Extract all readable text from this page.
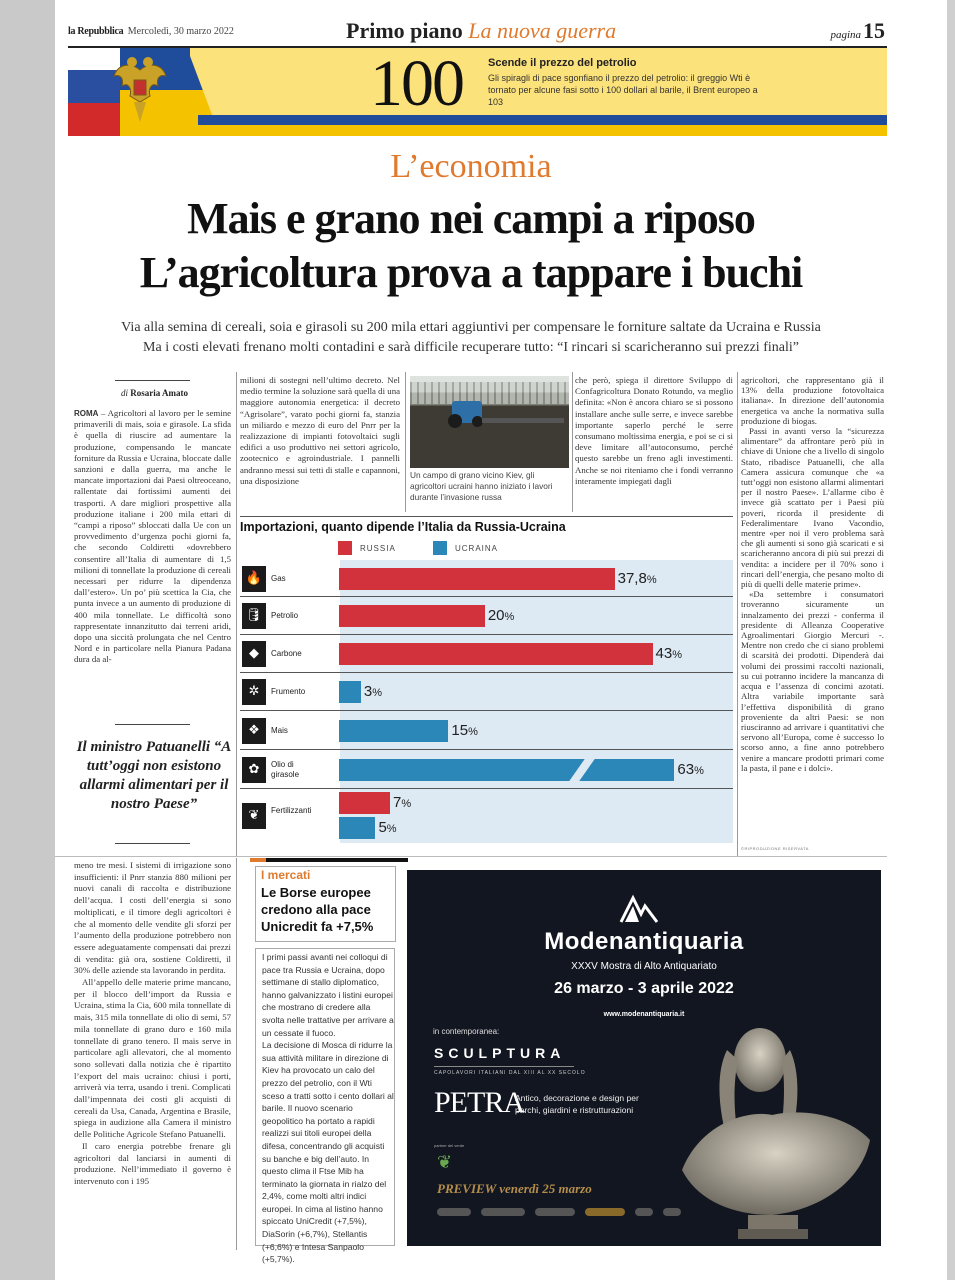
la Repubblica Mercoledì, 30 marzo 2022	Primo piano La nuova guerra	pagina15
100 Scende il prezzo del petrolio
Gli spiragli di pace sgonfiano il prezzo del petrolio: il greggio Wti è tornato per alcune fasi sotto i 100 dollari al barile, il Brent europeo a 103
L’economia
Mais e grano nei campi a riposo
L’agricoltura prova a tappare i buchi
Via alla semina di cereali, soia e girasoli su 200 mila ettari aggiuntivi per compensare le forniture saltate da Ucraina e Russia
Ma i costi elevati frenano molti contadini e sarà difficile recuperare tutto: “I rincari si scaricheranno sui prezzi finali”
di Rosaria Amato

ROMA – Agricoltori al lavoro per le semine primaverili di mais, soia e girasole. La sfida è quella di riuscire ad aumentare la produzione, compensando le mancate forniture da Russia e Ucraina, bloccate dalle sanzioni e dalla guerra, ma anche le mancate importazioni dai Paesi oltreoceano, rallentate dai fortissimi aumenti dei trasporti. A dare migliori prospettive alla produzione italiane i 200 mila ettari di “campi a riposo” sbloccati dalla Ue con un provvedimento d’urgenza pochi giorni fa, che secondo Coldiretti «dovrebbero consentire all’Italia di aumentare di 1,5 milioni di tonnellate la produzione di cereali necessari per ridurre la dipendenza dall’estero». Un po’ più scettica la Cia, che punta invece a un aumento di produzione di 400 mila tonnellate. Le difficoltà sono rappresentate innanzitutto dai terreni aridi, dopo una siccità prolungata che nel Centro Nord e in particolare nella Pianura Padana dura da al-

Il ministro Patuanelli “A tutt’oggi non esistono allarmi alimentari per il nostro Paese”

milioni di sostegni nell’ultimo decreto. Nel medio termine la soluzione sarà quella di una maggiore autonomia energetica: il decreto “Agrisolare”, varato pochi giorni fa, stanzia un miliardo e mezzo di euro del Pnrr per la realizzazione di impianti fotovoltaici sugli edifici a uso produttivo nei settori agricolo, zootecnico e agroindustriale. I pannelli andranno messi sui tetti di stalle e capannoni, una disposizione

Un campo di grano vicino Kiev, gli agricoltori ucraini hanno iniziato i lavori durante l’invasione russa

che però, spiega il direttore Sviluppo di Confagricoltura Donato Rotundo, va meglio definita: «Non è ancora chiaro se si possono installare anche sulle serre, e invece sarebbe importante saperlo perché le serre consumano moltissima energia, e poi se ci si deve limitare all’autoconsumo, perché questo sarebbe un freno agli investimenti. Anche se noi riteniamo che i fondi verranno interamente impiegati dagli

agricoltori, che rappresentano già il 13% della produzione fotovoltaica italiana». In direzione dell’autonomia energetica va anche la normativa sulla produzione di biogas.

Passi in avanti verso la “sicurezza alimentare” da affrontare però più in chiave di Unione che a livello di singolo Stato, ribadisce Patuanelli, che alla Camera assicura comunque che «a tutt’oggi non esistono allarmi alimentari per il nostro Paese». L’allarme cibo è invece già scattato per i Paesi più poveri, ricorda il presidente di Federalimentare Ivano Vacondio, mentre «per noi il vero problema sarà che gli aumenti si sono già scaricati e si scaricheranno ancora di più sui prezzi di vendita: a incidere per il 70% sono i rincari dell’energia, che pesano molto di più di quelli delle materie prime».

«Da settembre i consumatori troveranno sicuramente un innalzamento dei prezzi - conferma il presidente di Alleanza Cooperative Agroalimentari Giorgio Mercuri -. Mentre non credo che ci siano problemi di scarsità dei prodotti. Dipenderà dai volumi dei prossimi raccolti nazionali, su cui potranno incidere la mancanza di acqua e l’assenza di concimi azotati. Altra variabile importante sarà l’effettiva disponibilità di grano proveniente da altri Paesi: se non riusciranno ad arrivare i quantitativi che servono all’Europa, come è successo lo scorso anno, a fine anno potrebbero venire a mancare prodotti primari come la pasta, il pane e i dolci».

©RIPRODUZIONE RISERVATA
Importazioni, quanto dipende l’Italia da Russia-Ucraina
RUSSIA	UCRAINA
🔥	Gas	37,8%
🛢	Petrolio	20%
◆	Carbone	43%
✲	Frumento	3%
❖	Mais	15%
✿	Olio di girasole	63%
❦	Fertilizzanti	7%
5%
I mercati
Le Borse europee credono alla pace Unicredit fa +7,5%

I primi passi avanti nei colloqui di pace tra Russia e Ucraina, dopo settimane di stallo diplomatico, hanno galvanizzato i listini europei che mostrano di credere alla svolta nelle trattative per arrivare a un cessate il fuoco.

La decisione di Mosca di ridurre la sua attività militare in direzione di Kiev ha provocato un calo del prezzo del petrolio, con il Wti sceso a tratti sotto i cento dollari al barile. Il nuovo scenario geopolitico ha portato a rapidi realizzi sui titoli europei della difesa, concentrando gli acquisti su banche e big dell’auto. In questo clima il Ftse Mib ha terminato la giornata in rialzo del 2,4%, come molti altri indici europei. In cima al listino hanno spiccato UniCredit (+7,5%), DiaSorin (+6,7%), Stellantis (+6,6%) e Intesa Sanpaolo (+5,7%).

meno tre mesi. I sistemi di irrigazione sono insufficienti: il Pnrr stanzia 880 milioni per nuovi canali di raccolta e distribuzione dell’acqua. I costi dell’energia si sono moltiplicati, e il timore degli agricoltori è che al momento delle vendite gli sforzi per l’aumento della produzione potrebbero non essere adeguatamente compensati dai prezzi di vendita: già ora, sostiene Coldiretti, il 30% delle aziende sta lavorando in perdita.

All’appello delle materie prime mancano, per il blocco dell’import da Russia e Ucraina, stima la Cia, 600 mila tonnellate di mais, 315 mila tonnellate di olio di semi, 57 mila tonnellate di grano duro e 160 mila tonnellate di grano tenero. Il mais serve in particolare agli allevatori, che al momento sono sollevati dalla notizia che è ripartito l’export del mais ucraino: chiusi i porti, arriverà via terra, usando i treni. Complicati dall’impennata dei costi gli acquisti di cereali da Usa, Canada, Argentina e Brasile, spiega in audizione alla Camera il ministro delle Politiche Agricole Stefano Patuanelli.

Il caro energia potrebbe frenare gli agricoltori dal lanciarsi in aumenti di produzione. Nell’immediato il governo è intervenuto con i 195

Modenantiquaria
XXXV Mostra di Alto Antiquariato
26 marzo - 3 aprile 2022
www.modenantiquaria.it
in contemporanea:
SCULPTURA
CAPOLAVORI ITALIANI DAL XIII AL XX SECOLO
PETRA
Antico, decorazione e design per parchi, giardini e ristrutturazioni
partner del verde
❦
PREVIEW venerdì 25 marzo
